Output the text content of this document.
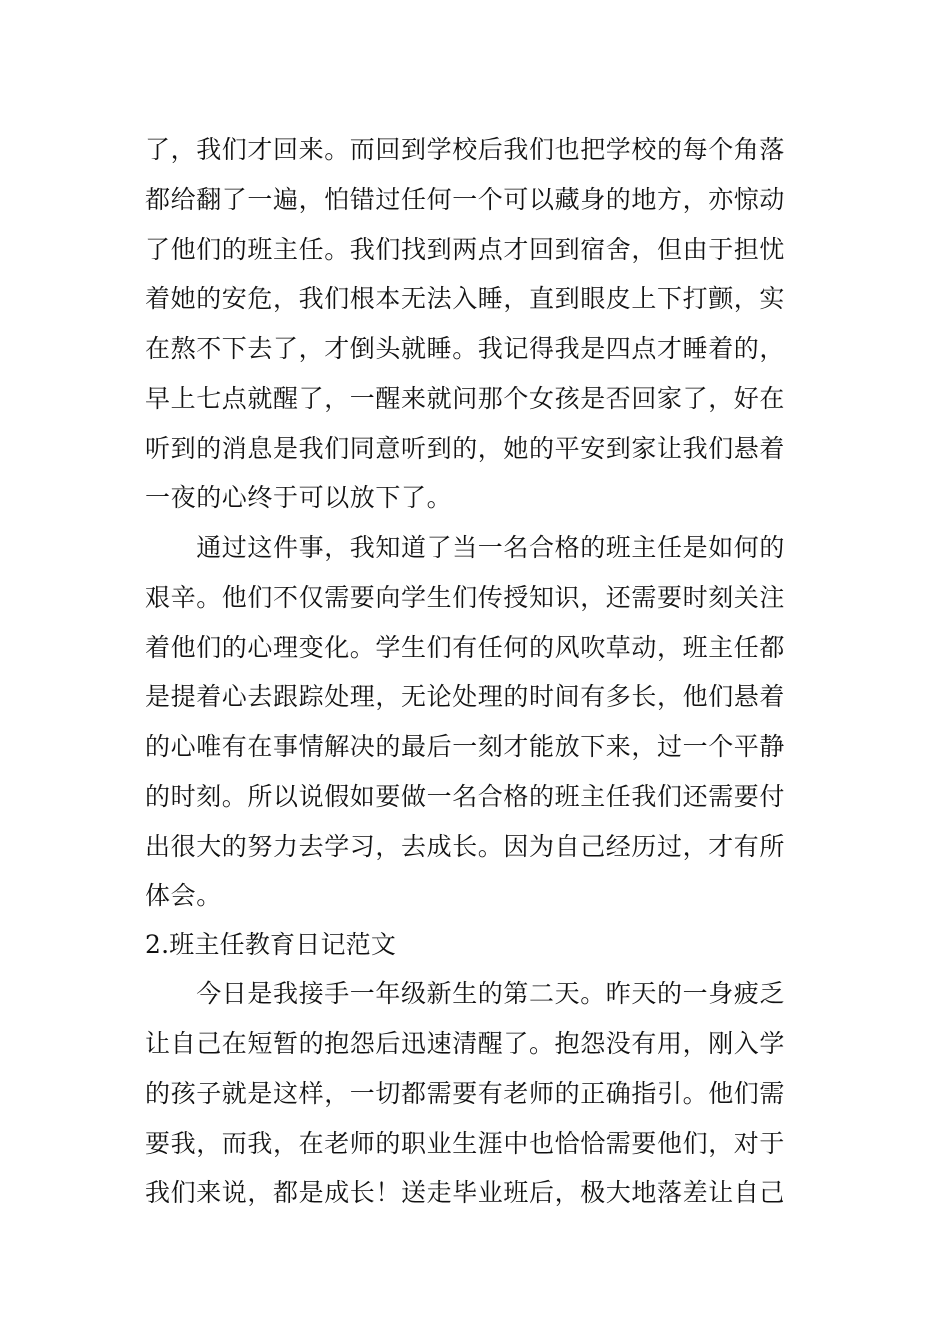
了，我们才回来。而回到学校后我们也把学校的每个角落
都给翻了一遍，怕错过任何一个可以藏身的地方，亦惊动
了他们的班主任。我们找到两点才回到宿舍，但由于担忧
着她的安危，我们根本无法入睡，直到眼皮上下打颤，实
在熬不下去了，才倒头就睡。我记得我是四点才睡着的，
早上七点就醒了，一醒来就问那个女孩是否回家了，好在
听到的消息是我们同意听到的，她的平安到家让我们悬着
一夜的心终于可以放下了。
　　通过这件事，我知道了当一名合格的班主任是如何的
艰辛。他们不仅需要向学生们传授知识，还需要时刻关注
着他们的心理变化。学生们有任何的风吹草动，班主任都
是提着心去跟踪处理，无论处理的时间有多长，他们悬着
的心唯有在事情解决的最后一刻才能放下来，过一个平静
的时刻。所以说假如要做一名合格的班主任我们还需要付
出很大的努力去学习，去成长。因为自己经历过，才有所
体会。
2.班主任教育日记范文
　　今日是我接手一年级新生的第二天。昨天的一身疲乏
让自己在短暂的抱怨后迅速清醒了。抱怨没有用，刚入学
的孩子就是这样，一切都需要有老师的正确指引。他们需
要我，而我，在老师的职业生涯中也恰恰需要他们，对于
我们来说，都是成长！送走毕业班后，极大地落差让自己
